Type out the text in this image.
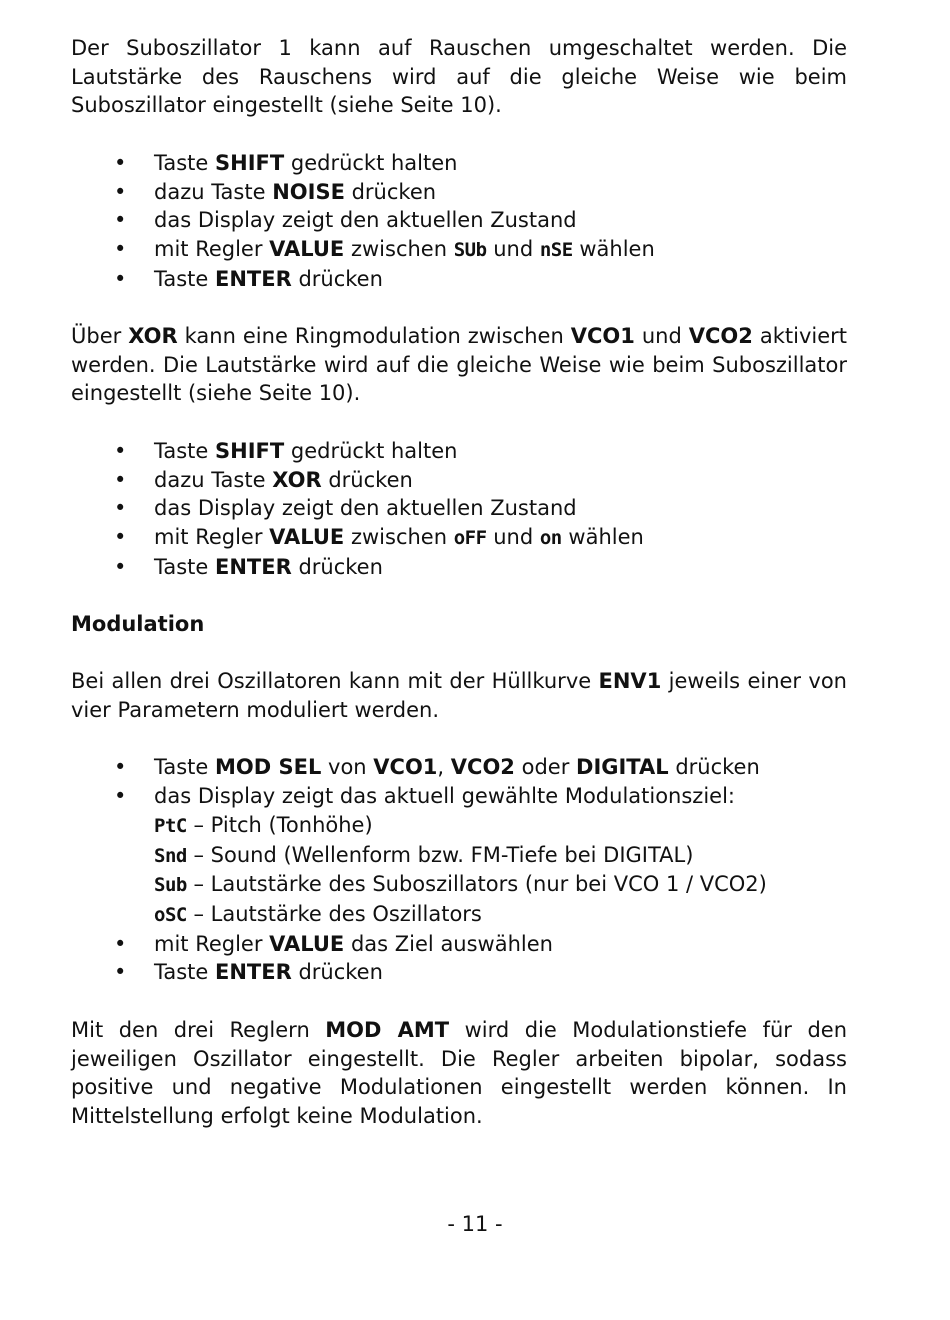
Der Suboszillator 1 kann auf Rauschen umgeschaltet werden. Die Lautstärke des Rauschens wird auf die gleiche Weise wie beim Suboszillator eingestellt (siehe Seite 10).

• Taste SHIFT gedrückt halten
• dazu Taste NOISE drücken
• das Display zeigt den aktuellen Zustand
• mit Regler VALUE zwischen SUb und nSE wählen
• Taste ENTER drücken

Über XOR kann eine Ringmodulation zwischen VCO1 und VCO2 aktiviert werden. Die Lautstärke wird auf die gleiche Weise wie beim Suboszillator eingestellt (siehe Seite 10).

• Taste SHIFT gedrückt halten
• dazu Taste XOR drücken
• das Display zeigt den aktuellen Zustand
• mit Regler VALUE zwischen oFF und on wählen
• Taste ENTER drücken

Modulation

Bei allen drei Oszillatoren kann mit der Hüllkurve ENV1 jeweils einer von vier Parametern moduliert werden.

• Taste MOD SEL von VCO1, VCO2 oder DIGITAL drücken
• das Display zeigt das aktuell gewählte Modulationsziel:
PtC – Pitch (Tonhöhe)
Snd – Sound (Wellenform bzw. FM-Tiefe bei DIGITAL)
Sub – Lautstärke des Suboszillators (nur bei VCO 1 / VCO2)
oSC – Lautstärke des Oszillators
• mit Regler VALUE das Ziel auswählen
• Taste ENTER drücken

Mit den drei Reglern MOD AMT wird die Modulationstiefe für den jeweiligen Oszillator eingestellt. Die Regler arbeiten bipolar, sodass positive und negative Modulationen eingestellt werden können. In Mittelstellung erfolgt keine Modulation.

- 11 -
